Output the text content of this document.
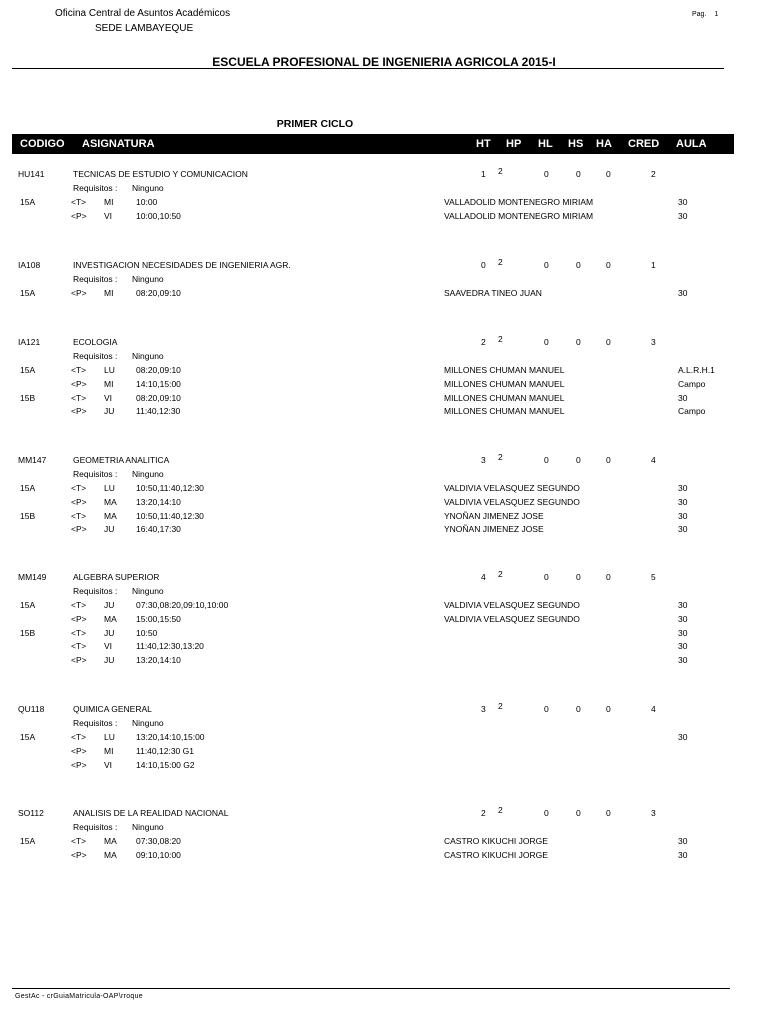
Oficina Central de Asuntos Académicos
SEDE LAMBAYEQUE
Pag. 1
ESCUELA PROFESIONAL DE INGENIERIA AGRICOLA 2015-I
PRIMER CICLO
CODIGO ASIGNATURA	HT HP HL HS HA CRED AULA
HU141	TECNICAS DE ESTUDIO Y COMUNICACION	1 2	0	0	0	2
Requisitos : Ninguno
15A	<T> MI	10:00	VALLADOLID MONTENEGRO MIRIAM	30
<P> VI	10:00,10:50	VALLADOLID MONTENEGRO MIRIAM	30
IA108	INVESTIGACION NECESIDADES DE INGENIERIA AGR.	0 2	0	0	0	1
Requisitos : Ninguno
15A	<P> MI	08:20,09:10	SAAVEDRA TINEO JUAN	30
IA121	ECOLOGIA	2 2	0	0	0	3
Requisitos : Ninguno
15A	<T> LU 08:20,09:10	MILLONES CHUMAN MANUEL	A.L.R.H.1
<P> MI	14:10,15:00	MILLONES CHUMAN MANUEL	Campo
15B	<T> VI	08:20,09:10	MILLONES CHUMAN MANUEL	30
<P> JU	11:40,12:30	MILLONES CHUMAN MANUEL	Campo
MM147	GEOMETRIA ANALITICA	3 2	0	0	0	4
Requisitos : Ninguno
15A	<T> LU 10:50,11:40,12:30	VALDIVIA VELASQUEZ SEGUNDO	30
<P> MA 13:20,14:10	VALDIVIA VELASQUEZ SEGUNDO	30
15B	<T> MA 10:50,11:40,12:30	YNOÑAN JIMENEZ JOSE	30
<P> JU	16:40,17:30	YNOÑAN JIMENEZ JOSE	30
MM149	ALGEBRA SUPERIOR	4 2	0	0	0	5
Requisitos : Ninguno
15A	<T> JU	07:30,08:20,09:10,10:00	VALDIVIA VELASQUEZ SEGUNDO	30
<P> MA 15:00,15:50	VALDIVIA VELASQUEZ SEGUNDO	30
15B	<T> JU	10:50	30
<T> VI	11:40,12:30,13:20	30
<P> JU	13:20,14:10	30
QU118	QUIMICA GENERAL	3 2	0	0	0	4
Requisitos : Ninguno
15A	<T> LU 13:20,14:10,15:00	30
<P> MI	11:40,12:30 G1
<P> VI	14:10,15:00 G2
SO112	ANALISIS DE LA REALIDAD NACIONAL	2 2	0	0	0	3
Requisitos : Ninguno
15A	<T> MA 07:30,08:20	CASTRO KIKUCHI JORGE	30
<P> MA 09:10,10:00	CASTRO KIKUCHI JORGE	30
GestAc - crGuiaMatricula-OAP\rroque
